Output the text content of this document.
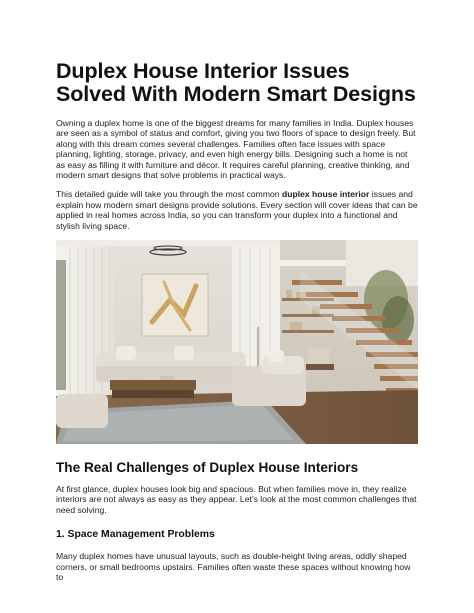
Duplex House Interior Issues Solved With Modern Smart Designs

Owning a duplex home is one of the biggest dreams for many families in India. Duplex houses are seen as a symbol of status and comfort, giving you two floors of space to design freely. But along with this dream comes several challenges. Families often face issues with space planning, lighting, storage, privacy, and even high energy bills. Designing such a home is not as easy as filling it with furniture and décor. It requires careful planning, creative thinking, and modern smart designs that solve problems in practical ways.

This detailed guide will take you through the most common duplex house interior issues and explain how modern smart designs provide solutions. Every section will cover ideas that can be applied in real homes across India, so you can transform your duplex into a functional and stylish living space.

The Real Challenges of Duplex House Interiors

At first glance, duplex houses look big and spacious. But when families move in, they realize interiors are not always as easy as they appear. Let’s look at the most common challenges that need solving.

1. Space Management Problems

Many duplex homes have unusual layouts, such as double-height living areas, oddly shaped corners, or small bedrooms upstairs. Families often waste these spaces without knowing how to
